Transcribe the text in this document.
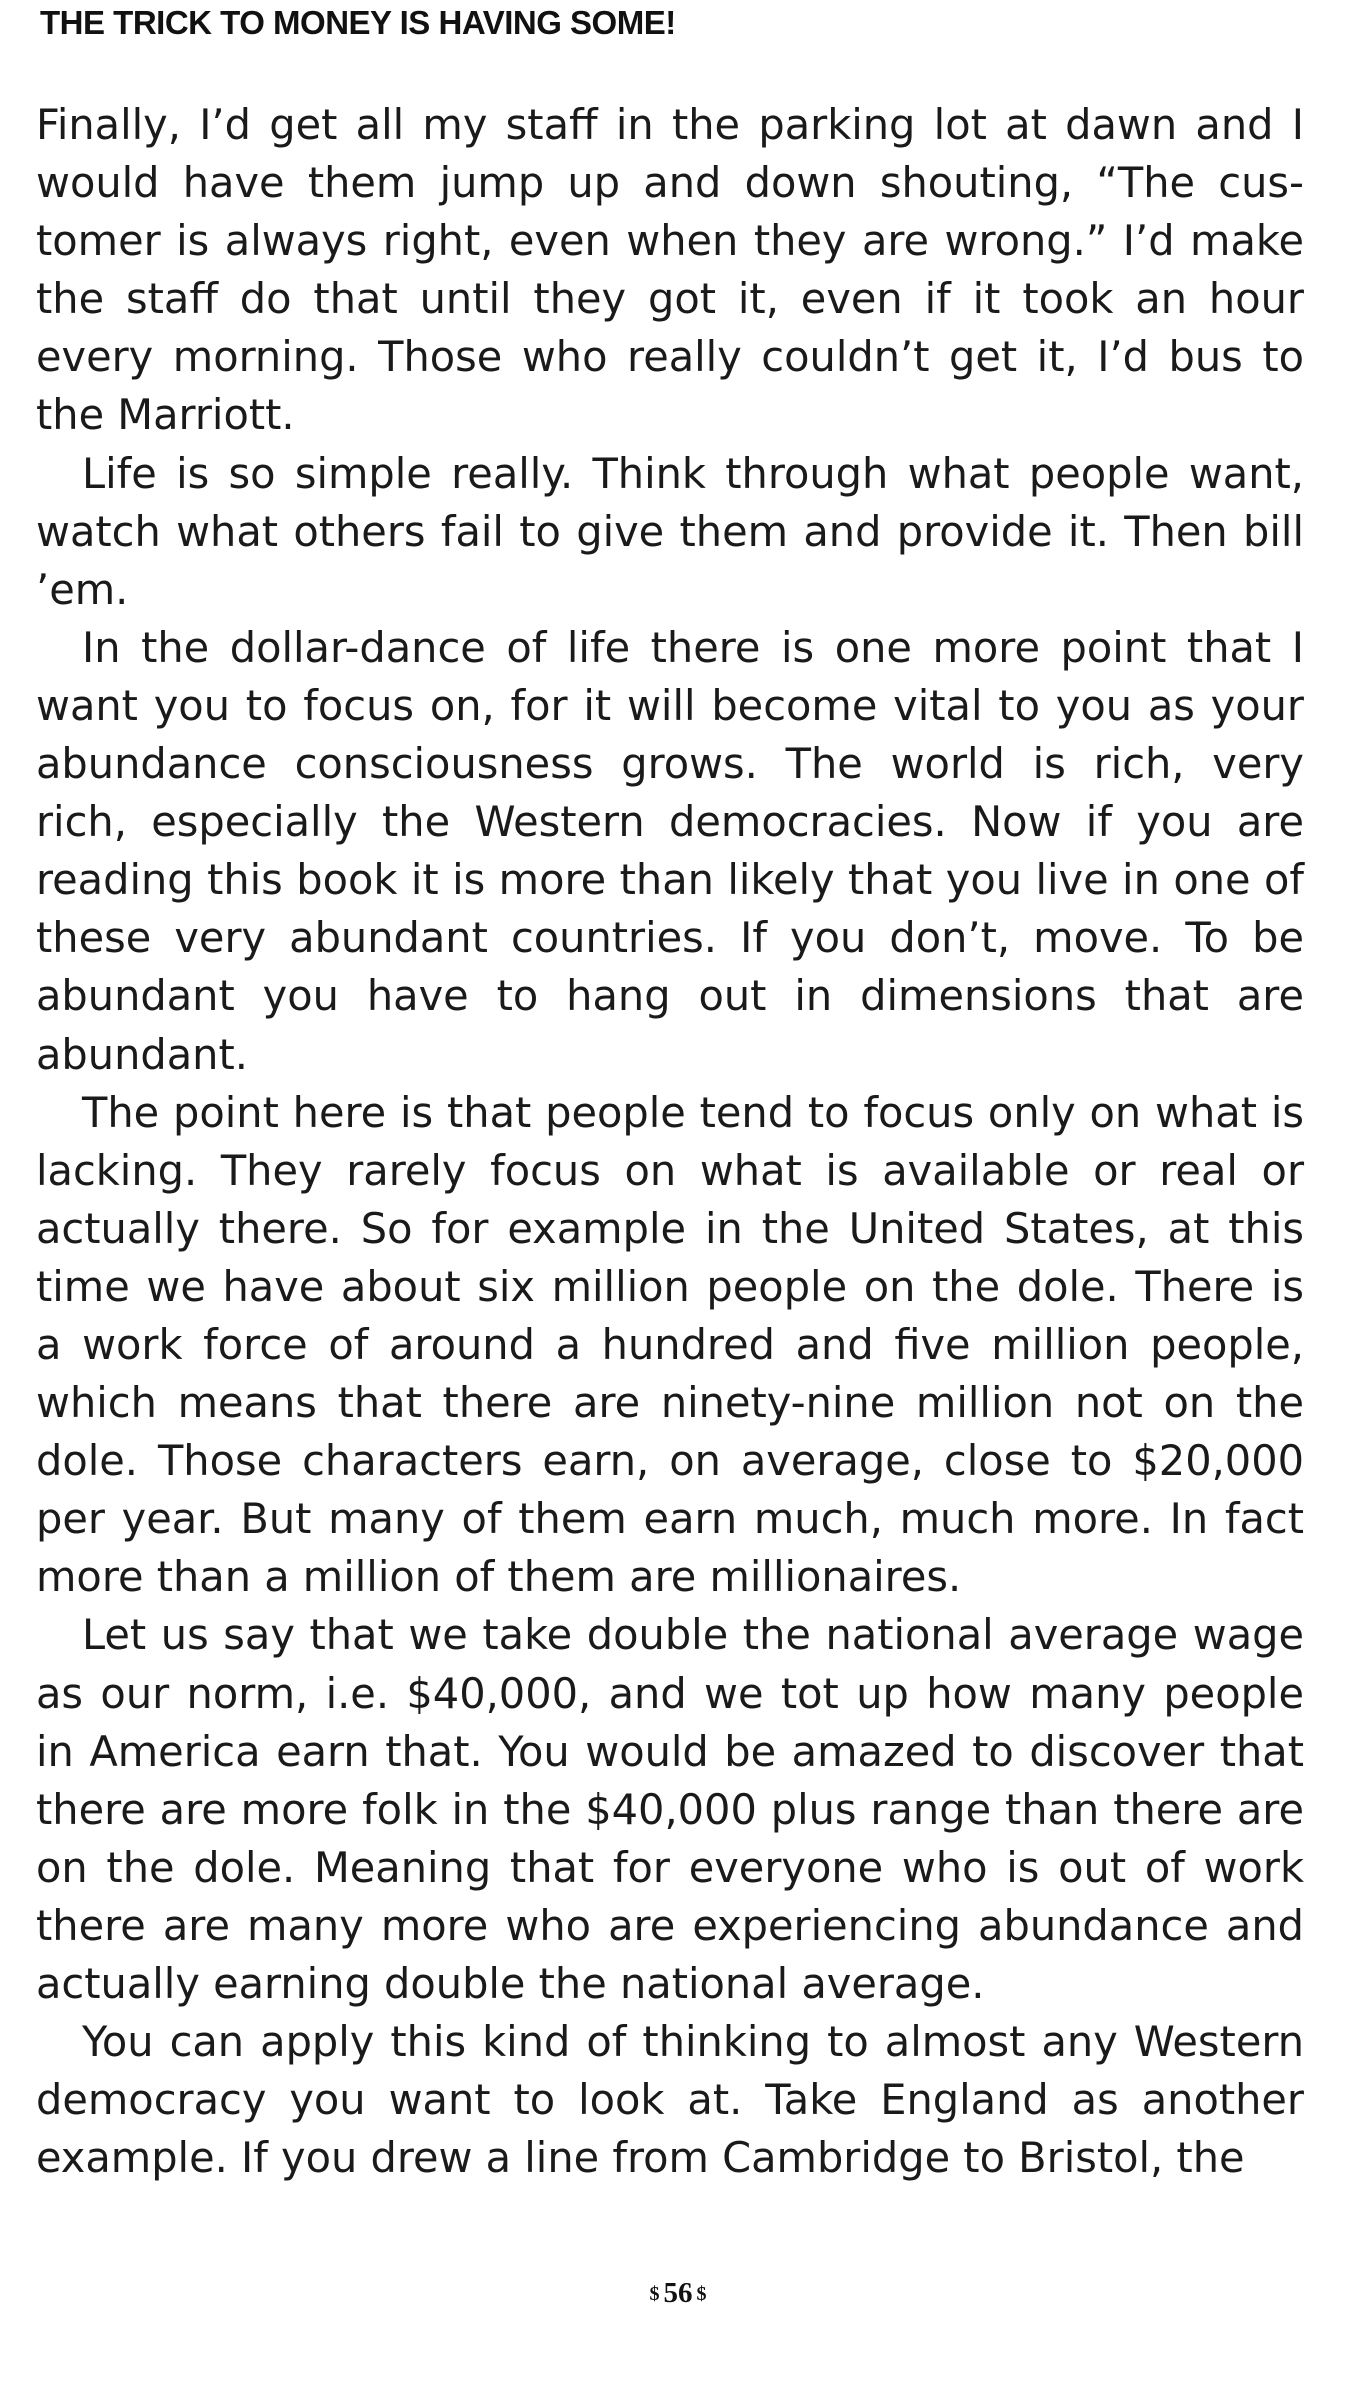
THE TRICK TO MONEY IS HAVING SOME!

Finally, I’d get all my staff in the parking lot at dawn and I would have them jump up and down shouting, “The customer is always right, even when they are wrong.” I’d make the staff do that until they got it, even if it took an hour every morning. Those who really couldn’t get it, I’d bus to the Marriott.

Life is so simple really. Think through what people want, watch what others fail to give them and provide it. Then bill ’em.

In the dollar-dance of life there is one more point that I want you to focus on, for it will become vital to you as your abundance consciousness grows. The world is rich, very rich, especially the Western democracies. Now if you are reading this book it is more than likely that you live in one of these very abundant countries. If you don’t, move. To be abundant you have to hang out in dimensions that are abundant.

The point here is that people tend to focus only on what is lacking. They rarely focus on what is available or real or actually there. So for example in the United States, at this time we have about six million people on the dole. There is a work force of around a hundred and five million people, which means that there are ninety-nine million not on the dole. Those characters earn, on average, close to $20,000 per year. But many of them earn much, much more. In fact more than a million of them are millionaires.

Let us say that we take double the national average wage as our norm, i.e. $40,000, and we tot up how many people in America earn that. You would be amazed to discover that there are more folk in the $40,000 plus range than there are on the dole. Meaning that for everyone who is out of work there are many more who are experiencing abundance and actually earning double the national average.

You can apply this kind of thinking to almost any Western democracy you want to look at. Take England as another example. If you drew a line from Cambridge to Bristol, the

$ 56 $
